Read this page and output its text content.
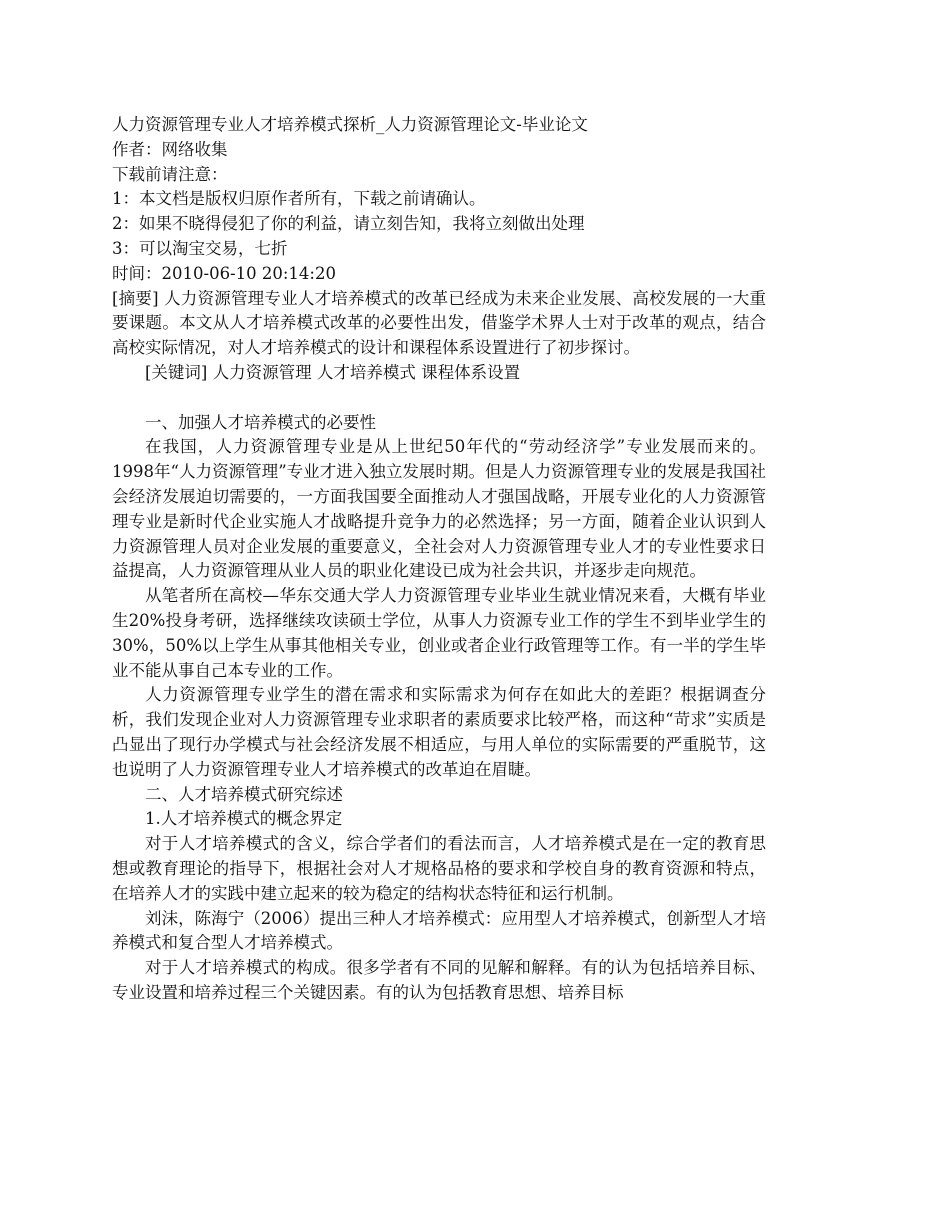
人力资源管理专业人才培养模式探析_人力资源管理论文-毕业论文

作者：网络收集

下载前请注意：

1：本文档是版权归原作者所有，下载之前请确认。

2：如果不晓得侵犯了你的利益，请立刻告知，我将立刻做出处理

3：可以淘宝交易，七折

时间：2010-06-10 20:14:20

[摘要] 人力资源管理专业人才培养模式的改革已经成为未来企业发展、高校发展的一大重要课题。本文从人才培养模式改革的必要性出发，借鉴学术界人士对于改革的观点，结合高校实际情况，对人才培养模式的设计和课程体系设置进行了初步探讨。

[关键词] 人力资源管理 人才培养模式 课程体系设置

一、加强人才培养模式的必要性

在我国，人力资源管理专业是从上世纪50年代的“劳动经济学”专业发展而来的。1998年“人力资源管理”专业才进入独立发展时期。但是人力资源管理专业的发展是我国社会经济发展迫切需要的，一方面我国要全面推动人才强国战略，开展专业化的人力资源管理专业是新时代企业实施人才战略提升竞争力的必然选择；另一方面，随着企业认识到人力资源管理人员对企业发展的重要意义，全社会对人力资源管理专业人才的专业性要求日益提高，人力资源管理从业人员的职业化建设已成为社会共识，并逐步走向规范。

从笔者所在高校—华东交通大学人力资源管理专业毕业生就业情况来看，大概有毕业生20%投身考研，选择继续攻读硕士学位，从事人力资源专业工作的学生不到毕业学生的30%，50%以上学生从事其他相关专业，创业或者企业行政管理等工作。有一半的学生毕业不能从事自己本专业的工作。

人力资源管理专业学生的潜在需求和实际需求为何存在如此大的差距？根据调查分析，我们发现企业对人力资源管理专业求职者的素质要求比较严格，而这种“苛求”实质是凸显出了现行办学模式与社会经济发展不相适应，与用人单位的实际需要的严重脱节，这也说明了人力资源管理专业人才培养模式的改革迫在眉睫。

二、人才培养模式研究综述

1.人才培养模式的概念界定

对于人才培养模式的含义，综合学者们的看法而言，人才培养模式是在一定的教育思想或教育理论的指导下，根据社会对人才规格品格的要求和学校自身的教育资源和特点，在培养人才的实践中建立起来的较为稳定的结构状态特征和运行机制。

刘沫，陈海宁（2006）提出三种人才培养模式：应用型人才培养模式，创新型人才培养模式和复合型人才培养模式。

对于人才培养模式的构成。很多学者有不同的见解和解释。有的认为包括培养目标、专业设置和培养过程三个关键因素。有的认为包括教育思想、培养目标
